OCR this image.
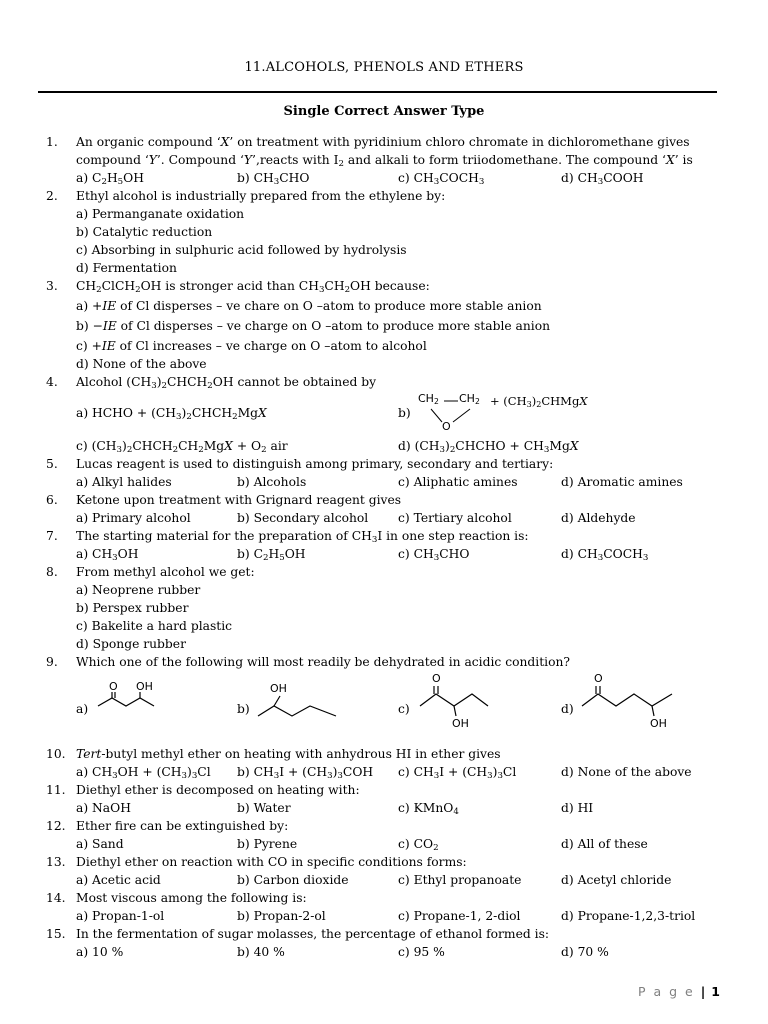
11.ALCOHOLS, PHENOLS AND ETHERS
Single Correct Answer Type
1. An organic compound ‘X’ on treatment with pyridinium chloro chromate in dichloromethane gives
compound ‘Y’. Compound ‘Y’,reacts with $I_2$ and alkali to form triiodomethane. The compound ‘X’ is
a) $C_2H_5OH$	b) $CH_3CHO$	c) $CH_3COCH_3$	d) $CH_3COOH$
2. Ethyl alcohol is industrially prepared from the ethylene by:
a) Permanganate oxidation
b) Catalytic reduction
c) Absorbing in sulphuric acid followed by hydrolysis
d) Fermentation
3. $CH_2ClCH_2OH$ is stronger acid than $CH_3CH_2OH$ because:
a) +IE of Cl disperses – ve chare on O –atom to produce more stable anion
b) −IE of Cl disperses – ve charge on O –atom to produce more stable anion
c) +IE of Cl increases – ve charge on O –atom to alcohol
d) None of the above
4. Alcohol $(CH_3)_2CHCH_2OH$ cannot be obtained by
a) HCHO + $(CH_3)_2CHCH_2MgX$	b)
$CH_2$ $CH_2$
O
+ $(CH_3)_2CHMgX$
c) $(CH_3)_2CHCH_2CH_2MgX + O_2$ air	d) $(CH_3)_2CHCHO + CH_3MgX$
5. Lucas reagent is used to distinguish among primary, secondary and tertiary:
a) Alkyl halides	b) Alcohols	c) Aliphatic amines	d) Aromatic amines
6. Ketone upon treatment with Grignard reagent gives
a) Primary alcohol	b) Secondary alcohol c) Tertiary alcohol	d) Aldehyde
7. The starting material for the preparation of $CH_3I$ in one step reaction is:
a) $CH_3OH$	b) $C_2H_5OH$	c) $CH_3CHO$	d) $CH_3COCH_3$
8. From methyl alcohol we get:
a) Neoprene rubber
b) Perspex rubber
c) Bakelite a hard plastic
d) Sponge rubber
9. Which one of the following will most readily be dehydrated in acidic condition?
a)	b)	c)	d)
O OH	OH
O
OH
O
OH
10. Tert-butyl methyl ether on heating with anhydrous HI in ether gives
a) $CH_3OH + (CH_3)_3Cl$ b) $CH_3I + (CH_3)_3COH$ c) $CH_3I + (CH_3)_3Cl$	d) None of the above
11. Diethyl ether is decomposed on heating with:
a) NaOH	b) Water	c) KMnO$_4$	d) HI
12. Ether fire can be extinguished by:
a) Sand	b) Pyrene	c) $CO_2$	d) All of these
13. Diethyl ether on reaction with CO in specific conditions forms:
a) Acetic acid	b) Carbon dioxide	c) Ethyl propanoate	d) Acetyl chloride
14. Most viscous among the following is:
a) Propan-1-ol	b) Propan-2-ol	c) Propane-1, 2-diol	d) Propane-1,2,3-triol
15. In the fermentation of sugar molasses, the percentage of ethanol formed is:
a) 10 %	b) 40 %	c) 95 %	d) 70 %
P a g e | 1
